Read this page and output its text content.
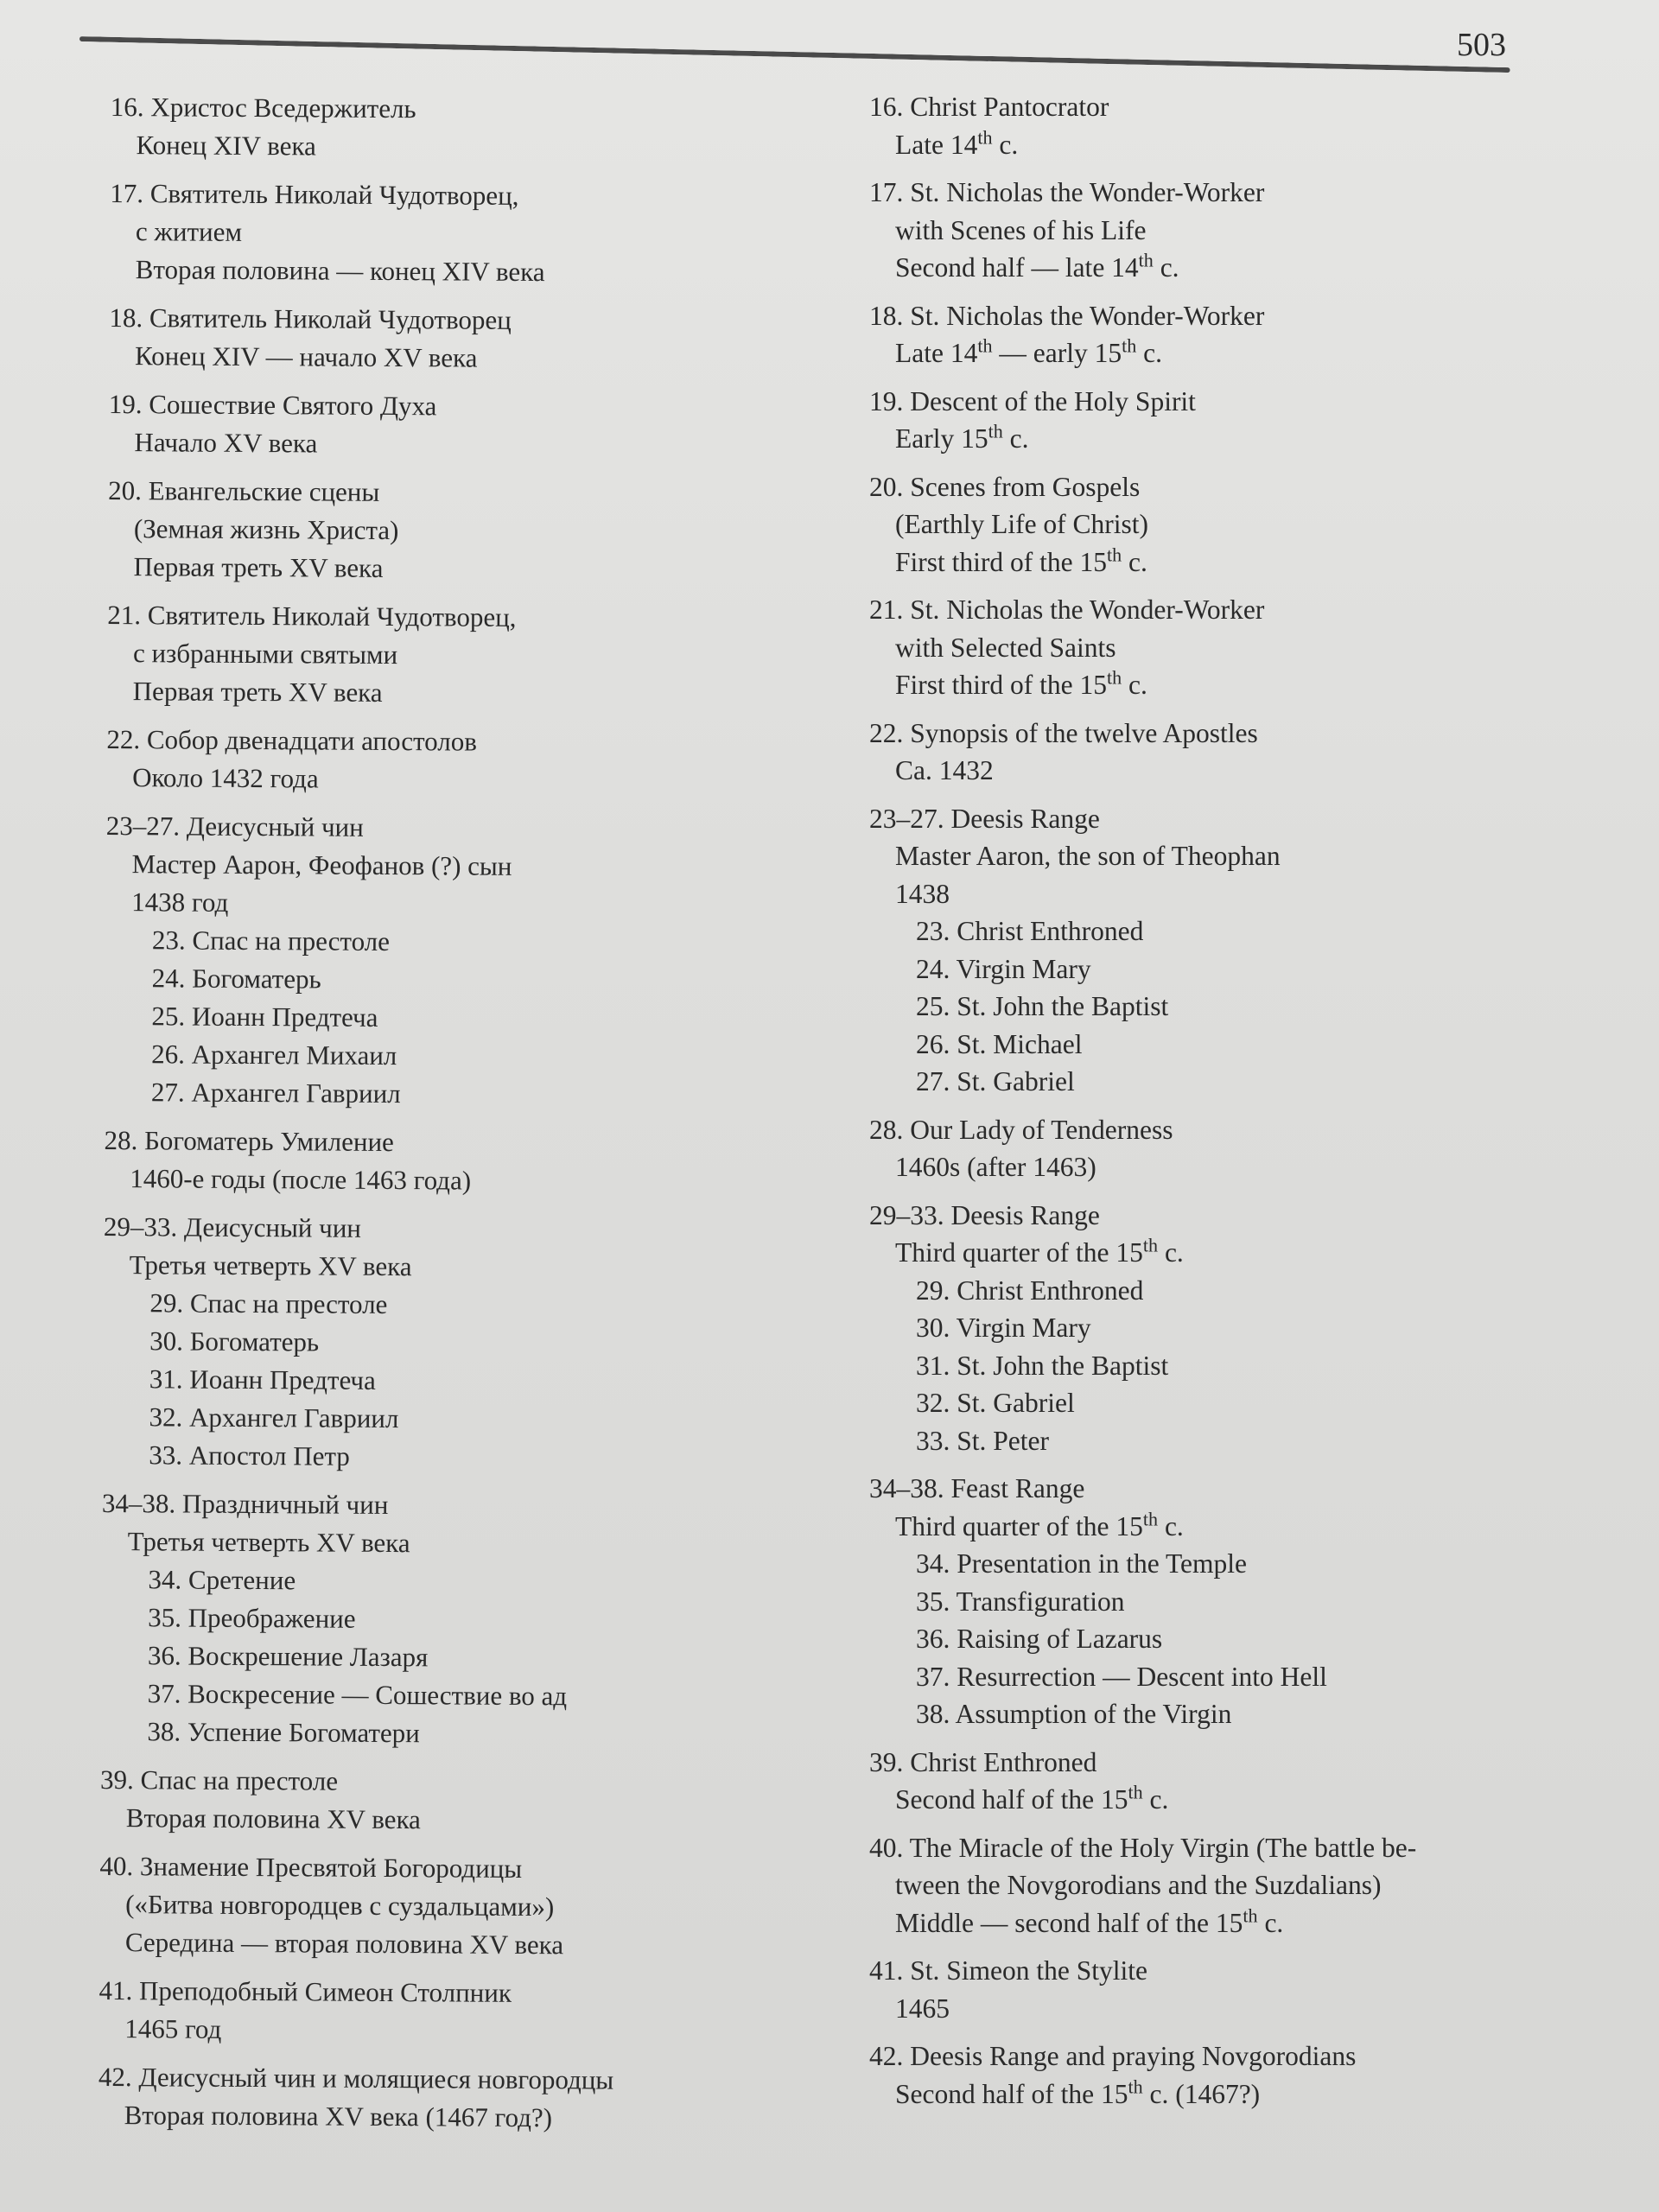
503
16. Христос Вседержитель
Конец XIV века
17. Святитель Николай Чудотворец,
с житием
Вторая половина — конец XIV века
18. Святитель Николай Чудотворец
Конец XIV — начало XV века
19. Сошествие Святого Духа
Начало XV века
20. Евангельские сцены
(Земная жизнь Христа)
Первая треть XV века
21. Святитель Николай Чудотворец,
с избранными святыми
Первая треть XV века
22. Собор двенадцати апостолов
Около 1432 года
23–27. Деисусный чин
Мастер Аарон, Феофанов (?) сын
1438 год
23. Спас на престоле
24. Богоматерь
25. Иоанн Предтеча
26. Архангел Михаил
27. Архангел Гавриил
28. Богоматерь Умиление
1460-е годы (после 1463 года)
29–33. Деисусный чин
Третья четверть XV века
29. Спас на престоле
30. Богоматерь
31. Иоанн Предтеча
32. Архангел Гавриил
33. Апостол Петр
34–38. Праздничный чин
Третья четверть XV века
34. Сретение
35. Преображение
36. Воскрешение Лазаря
37. Воскресение — Сошествие во ад
38. Успение Богоматери
39. Спас на престоле
Вторая половина XV века
40. Знамение Пресвятой Богородицы
(«Битва новгородцев с суздальцами»)
Середина — вторая половина XV века
41. Преподобный Симеон Столпник
1465 год
42. Деисусный чин и молящиеся новгородцы
Вторая половина XV века (1467 год?)
16. Christ Pantocrator
Late 14th c.
17. St. Nicholas the Wonder-Worker
with Scenes of his Life
Second half — late 14th c.
18. St. Nicholas the Wonder-Worker
Late 14th — early 15th c.
19. Descent of the Holy Spirit
Early 15th c.
20. Scenes from Gospels
(Earthly Life of Christ)
First third of the 15th c.
21. St. Nicholas the Wonder-Worker
with Selected Saints
First third of the 15th c.
22. Synopsis of the twelve Apostles
Ca. 1432
23–27. Deesis Range
Master Aaron, the son of Theophan
1438
23. Christ Enthroned
24. Virgin Mary
25. St. John the Baptist
26. St. Michael
27. St. Gabriel
28. Our Lady of Tenderness
1460s (after 1463)
29–33. Deesis Range
Third quarter of the 15th c.
29. Christ Enthroned
30. Virgin Mary
31. St. John the Baptist
32. St. Gabriel
33. St. Peter
34–38. Feast Range
Third quarter of the 15th c.
34. Presentation in the Temple
35. Transfiguration
36. Raising of Lazarus
37. Resurrection — Descent into Hell
38. Assumption of the Virgin
39. Christ Enthroned
Second half of the 15th c.
40. The Miracle of the Holy Virgin (The battle be-
tween the Novgorodians and the Suzdalians)
Middle — second half of the 15th c.
41. St. Simeon the Stylite
1465
42. Deesis Range and praying Novgorodians
Second half of the 15th c. (1467?)
